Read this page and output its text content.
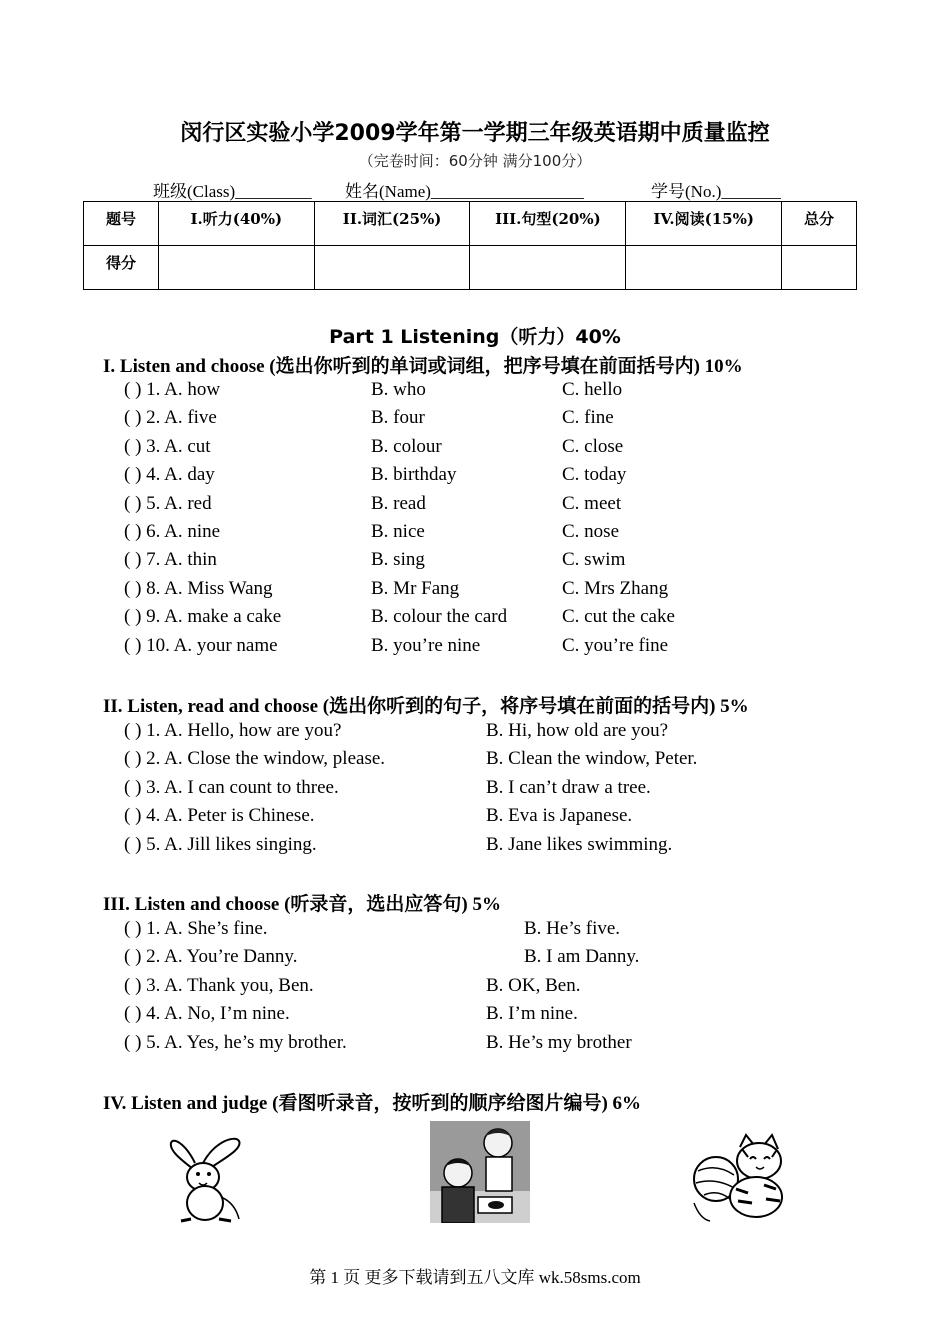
闵行区实验小学2009学年第一学期三年级英语期中质量监控
（完卷时间：60分钟 满分100分）
班级(Class)_________ 姓名(Name)__________________	学号(No.)_______
题号	I.听力(40%)	II.词汇(25%)	III.句型(20%)	IV.阅读(15%)	总分
得分					
Part 1 Listening（听力）40%
I. Listen and choose (选出你听到的单词或词组，把序号填在前面括号内) 10%
( ) 1. A. how	B. who	C. hello
( ) 2. A. five	B. four	C. fine
( ) 3. A. cut	B. colour	C. close
( ) 4. A. day	B. birthday	C. today
( ) 5. A. red	B. read	C. meet
( ) 6. A. nine	B. nice	C. nose
( ) 7. A. thin	B. sing	C. swim
( ) 8. A. Miss Wang	B. Mr Fang	C. Mrs Zhang
( ) 9. A. make a cake	B. colour the card	C. cut the cake
( ) 10. A. your name	B. you’re nine	C. you’re fine
II. Listen, read and choose (选出你听到的句子，将序号填在前面的括号内) 5%
( ) 1. A. Hello, how are you?	B. Hi, how old are you?
( ) 2. A. Close the window, please.	B. Clean the window, Peter.
( ) 3. A. I can count to three.	B. I can’t draw a tree.
( ) 4. A. Peter is Chinese.	B. Eva is Japanese.
( ) 5. A. Jill likes singing.	B. Jane likes swimming.
III. Listen and choose (听录音，选出应答句) 5%
( ) 1. A. She’s fine.	B. He’s five.
( ) 2. A. You’re Danny.	B. I am Danny.
( ) 3. A. Thank you, Ben.	B. OK, Ben.
( ) 4. A. No, I’m nine.	B. I’m nine.
( ) 5. A. Yes, he’s my brother.	B. He’s my brother
IV. Listen and judge (看图听录音，按听到的顺序给图片编号) 6%
第 1 页 更多下载请到五八文库 wk.58sms.com
